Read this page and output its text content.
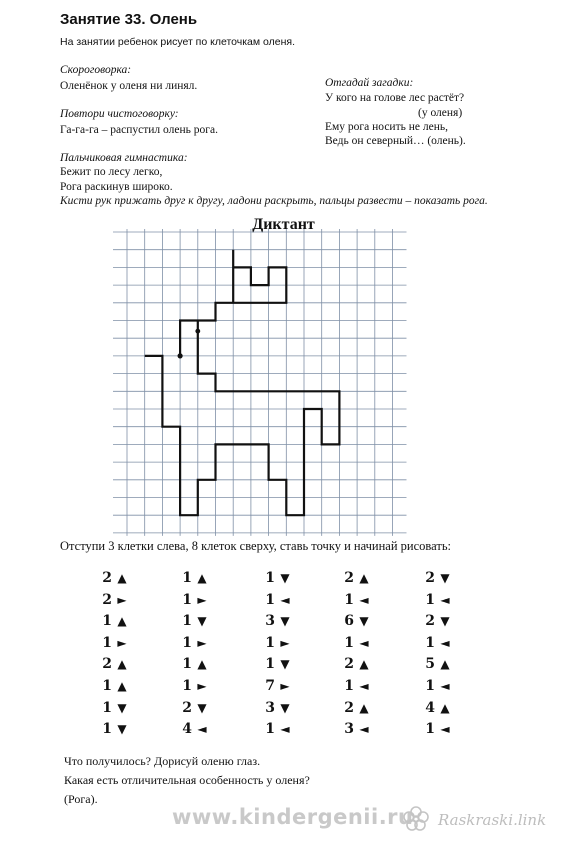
Занятие 33. Олень
На занятии ребенок рисует по клеточкам оленя.
Скороговорка:
Оленёнок у оленя ни линял.
Повтори чистоговорку:
Га-га-га – распустил олень рога.
Пальчиковая гимнастика:
Бежит по лесу легко,
Рога раскинув широко.
Кисти рук прижать друг к другу, ладони раскрыть, пальцы развести – показать рога.
Отгадай загадки:
У кого на голове лес растёт?
(у оленя)
Ему рога носить не лень,
Ведь он северный… (олень).
Диктант
Отступи 3 клетки слева, 8 клеток сверху, ставь точку и начинай рисовать:
2 ▲
2 ►
1 ▲
1 ►
2 ▲
1 ▲
1 ▼
1 ▼
1 ▲
1 ►
1 ▼
1 ►
1 ▲
1 ►
2 ▼
4 ◄
1 ▼
1 ◄
3 ▼
1 ►
1 ▼
7 ►
3 ▼
1 ◄
2 ▲
1 ◄
6 ▼
1 ◄
2 ▲
1 ◄
2 ▲
3 ◄
2 ▼
1 ◄
2 ▼
1 ◄
5 ▲
1 ◄
4 ▲
1 ◄
Что получилось? Дорисуй оленю глаз.
Какая есть отличительная особенность у оленя?
(Рога).
www.kindergenii.ru Raskraski.link
